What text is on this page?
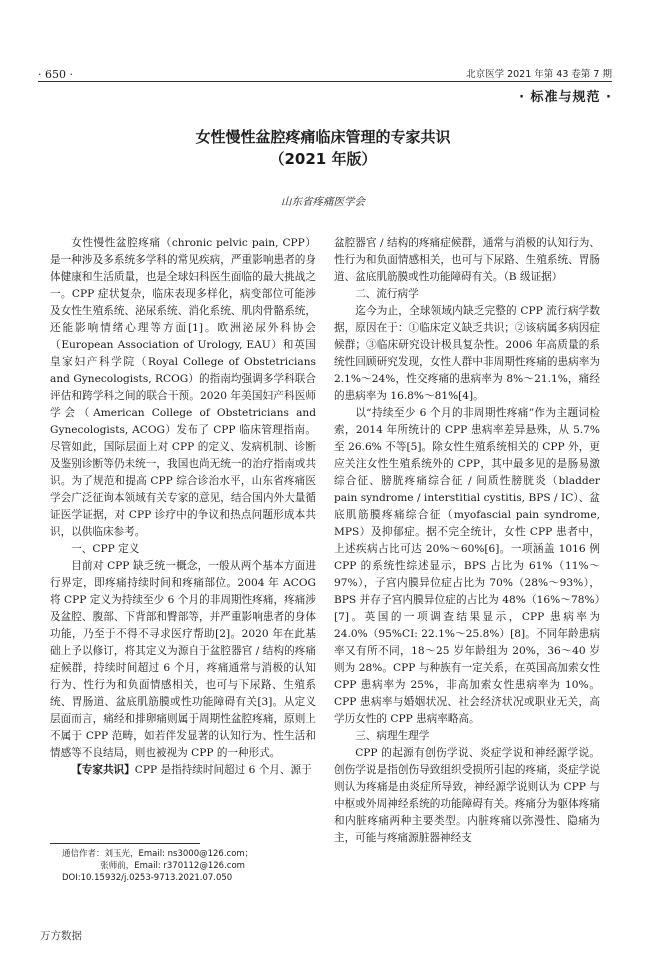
· 650 ·	北京医学 2021 年第 43 卷第 7 期
· 标准与规范 ·
女性慢性盆腔疼痛临床管理的专家共识
（2021 年版）
山东省疼痛医学会

女性慢性盆腔疼痛（chronic pelvic pain, CPP）是一种涉及多系统多学科的常见疾病，严重影响患者的身体健康和生活质量，也是全球妇科医生面临的最大挑战之一。CPP 症状复杂，临床表现多样化，病变部位可能涉及女性生殖系统、泌尿系统、消化系统、肌肉骨骼系统，还能影响情绪心理等方面[1]。欧洲泌尿外科协会（European Association of Urology, EAU）和英国皇家妇产科学院（Royal College of Obstetricians and Gynecologists, RCOG）的指南均强调多学科联合评估和跨学科之间的联合干预。2020 年美国妇产科医师学会（American College of Obstetricians and Gynecologists, ACOG）发布了 CPP 临床管理指南。尽管如此，国际层面上对 CPP 的定义、发病机制、诊断及鉴别诊断等仍未统一，我国也尚无统一的治疗指南或共识。为了规范和提高 CPP 综合诊治水平，山东省疼痛医学会广泛征询本领域有关专家的意见，结合国内外大量循证医学证据，对 CPP 诊疗中的争议和热点问题形成本共识，以供临床参考。

一、CPP 定义

目前对 CPP 缺乏统一概念，一般从两个基本方面进行界定，即疼痛持续时间和疼痛部位。2004 年 ACOG 将 CPP 定义为持续至少 6 个月的非周期性疼痛，疼痛涉及盆腔、腹部、下背部和臀部等，并严重影响患者的身体功能，乃至于不得不寻求医疗帮助[2]。2020 年在此基础上予以修订，将其定义为源自于盆腔器官 / 结构的疼痛症候群，持续时间超过 6 个月，疼痛通常与消极的认知行为、性行为和负面情感相关，也可与下尿路、生殖系统、胃肠道、盆底肌筋膜或性功能障碍有关[3]。从定义层面而言，痛经和排卵痛则属于周期性盆腔疼痛，原则上不属于 CPP 范畴，如若伴发显著的认知行为、性生活和情感等不良结局，则也被视为 CPP 的一种形式。

【专家共识】CPP 是指持续时间超过 6 个月、源于

盆腔器官 / 结构的疼痛症候群，通常与消极的认知行为、性行为和负面情感相关，也可与下尿路、生殖系统、胃肠道、盆底肌筋膜或性功能障碍有关。（B 级证据）

二、流行病学

迄今为止，全球领域内缺乏完整的 CPP 流行病学数据，原因在于：①临床定义缺乏共识；②该病属多病因症候群；③临床研究设计极具复杂性。2006 年高质量的系统性回顾研究发现，女性人群中非周期性疼痛的患病率为 2.1%～24%，性交疼痛的患病率为 8%～21.1%，痛经的患病率为 16.8%～81%[4]。

以“持续至少 6 个月的非周期性疼痛”作为主题词检索，2014 年所统计的 CPP 患病率差异悬殊，从 5.7% 至 26.6% 不等[5]。除女性生殖系统相关的 CPP 外，更应关注女性生殖系统外的 CPP，其中最多见的是肠易激综合征、膀胱疼痛综合征 / 间质性膀胱炎（bladder pain syndrome / interstitial cystitis, BPS / IC）、盆底肌筋膜疼痛综合征（myofascial pain syndrome, MPS）及抑郁症。据不完全统计，女性 CPP 患者中，上述疾病占比可达 20%～60%[6]。一项涵盖 1016 例 CPP 的系统性综述显示，BPS 占比为 61%（11%～97%），子宫内膜异位症占比为 70%（28%～93%），BPS 并存子宫内膜异位症的占比为 48%（16%～78%）[7]。英国的一项调查结果显示，CPP 患病率为 24.0%（95%CI: 22.1%～25.8%）[8]。不同年龄患病率又有所不同，18～25 岁年龄组为 20%，36～40 岁则为 28%。CPP 与种族有一定关系，在英国高加索女性 CPP 患病率为 25%，非高加索女性患病率为 10%。CPP 患病率与婚姻状况、社会经济状况或职业无关，高学历女性的 CPP 患病率略高。

三、病理生理学

CPP 的起源有创伤学说、炎症学说和神经源学说。创伤学说是指创伤导致组织受损所引起的疼痛，炎症学说则认为疼痛是由炎症所导致，神经源学说则认为 CPP 与中枢或外周神经系统的功能障碍有关。疼痛分为躯体疼痛和内脏疼痛两种主要类型。内脏疼痛以弥漫性、隐痛为主，可能与疼痛源脏器神经支

通信作者：刘玉光，Email: ns3000@126.com；
张师前，Email: r370112@126.com
DOI:10.15932/j.0253-9713.2021.07.050
万方数据
